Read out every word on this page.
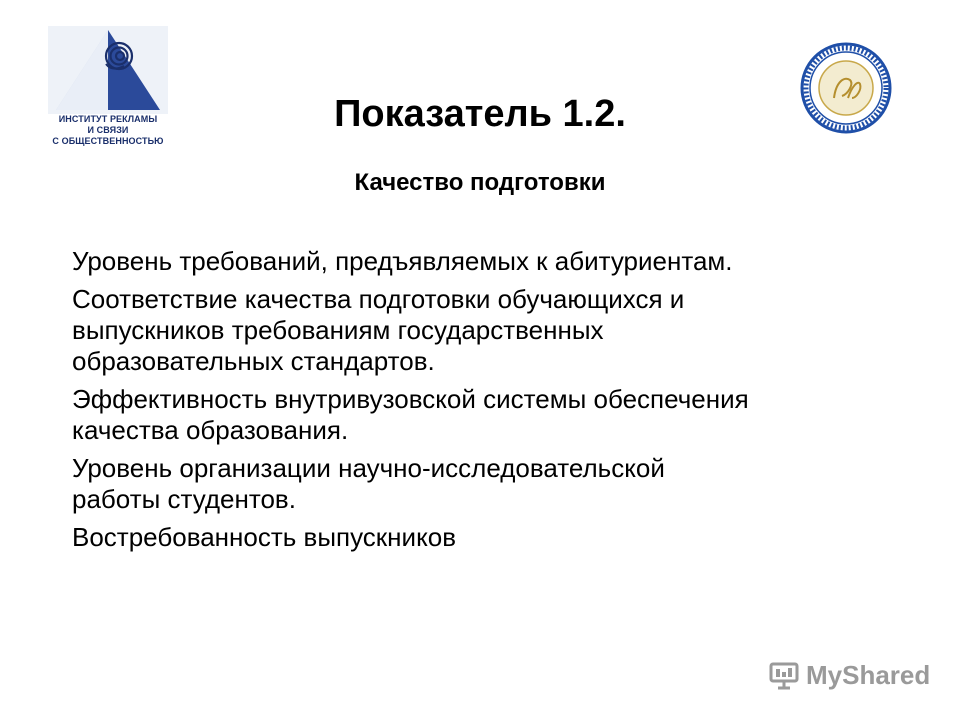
ИНСТИТУТ РЕКЛАМЫ
И СВЯЗИ
С ОБЩЕСТВЕННОСТЬЮ
Показатель 1.2.
Качество подготовки
Уровень требований, предъявляемых к абитуриентам.
Соответствие качества подготовки обучающихся и
выпускников требованиям государственных
образовательных стандартов.
Эффективность внутривузовской системы обеспечения
качества образования.
Уровень организации научно-исследовательской
работы студентов.
Востребованность выпускников
MyShared
